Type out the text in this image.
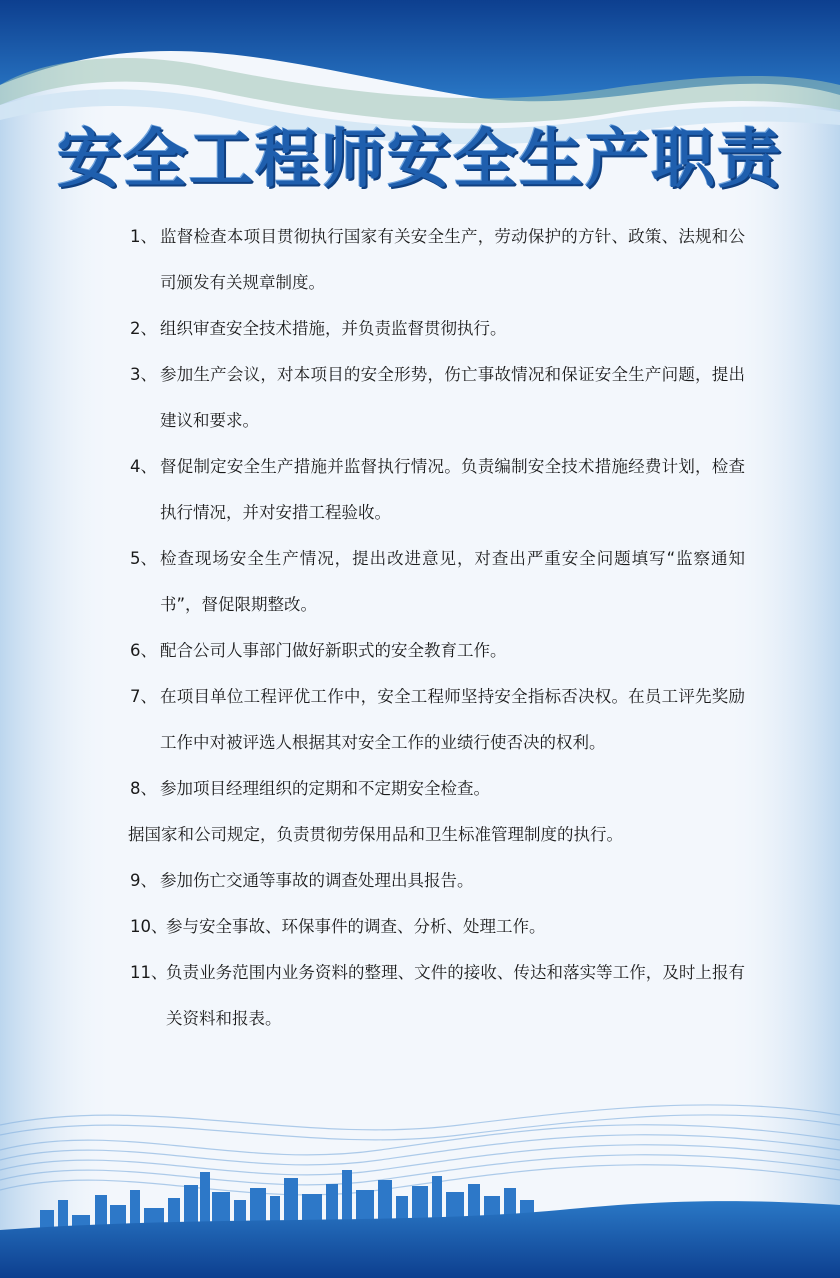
安全工程师安全生产职责
1、 监督检查本项目贯彻执行国家有关安全生产，劳动保护的方针、政策、法规和公司颁发有关规章制度。
2、 组织审查安全技术措施，并负责监督贯彻执行。
3、 参加生产会议，对本项目的安全形势，伤亡事故情况和保证安全生产问题，提出建议和要求。
4、 督促制定安全生产措施并监督执行情况。负责编制安全技术措施经费计划，检查执行情况，并对安措工程验收。
5、 检查现场安全生产情况，提出改进意见，对查出严重安全问题填写“监察通知书”，督促限期整改。
6、 配合公司人事部门做好新职式的安全教育工作。
7、 在项目单位工程评优工作中，安全工程师坚持安全指标否决权。在员工评先奖励工作中对被评选人根据其对安全工作的业绩行使否决的权利。
8、 参加项目经理组织的定期和不定期安全检查。
据国家和公司规定，负责贯彻劳保用品和卫生标准管理制度的执行。
9、 参加伤亡交通等事故的调查处理出具报告。
10、
参与安全事故、环保事件的调查、分析、处理工作。
11、
负责业务范围内业务资料的整理、文件的接收、传达和落实等工作，及时上报有关资料和报表。
